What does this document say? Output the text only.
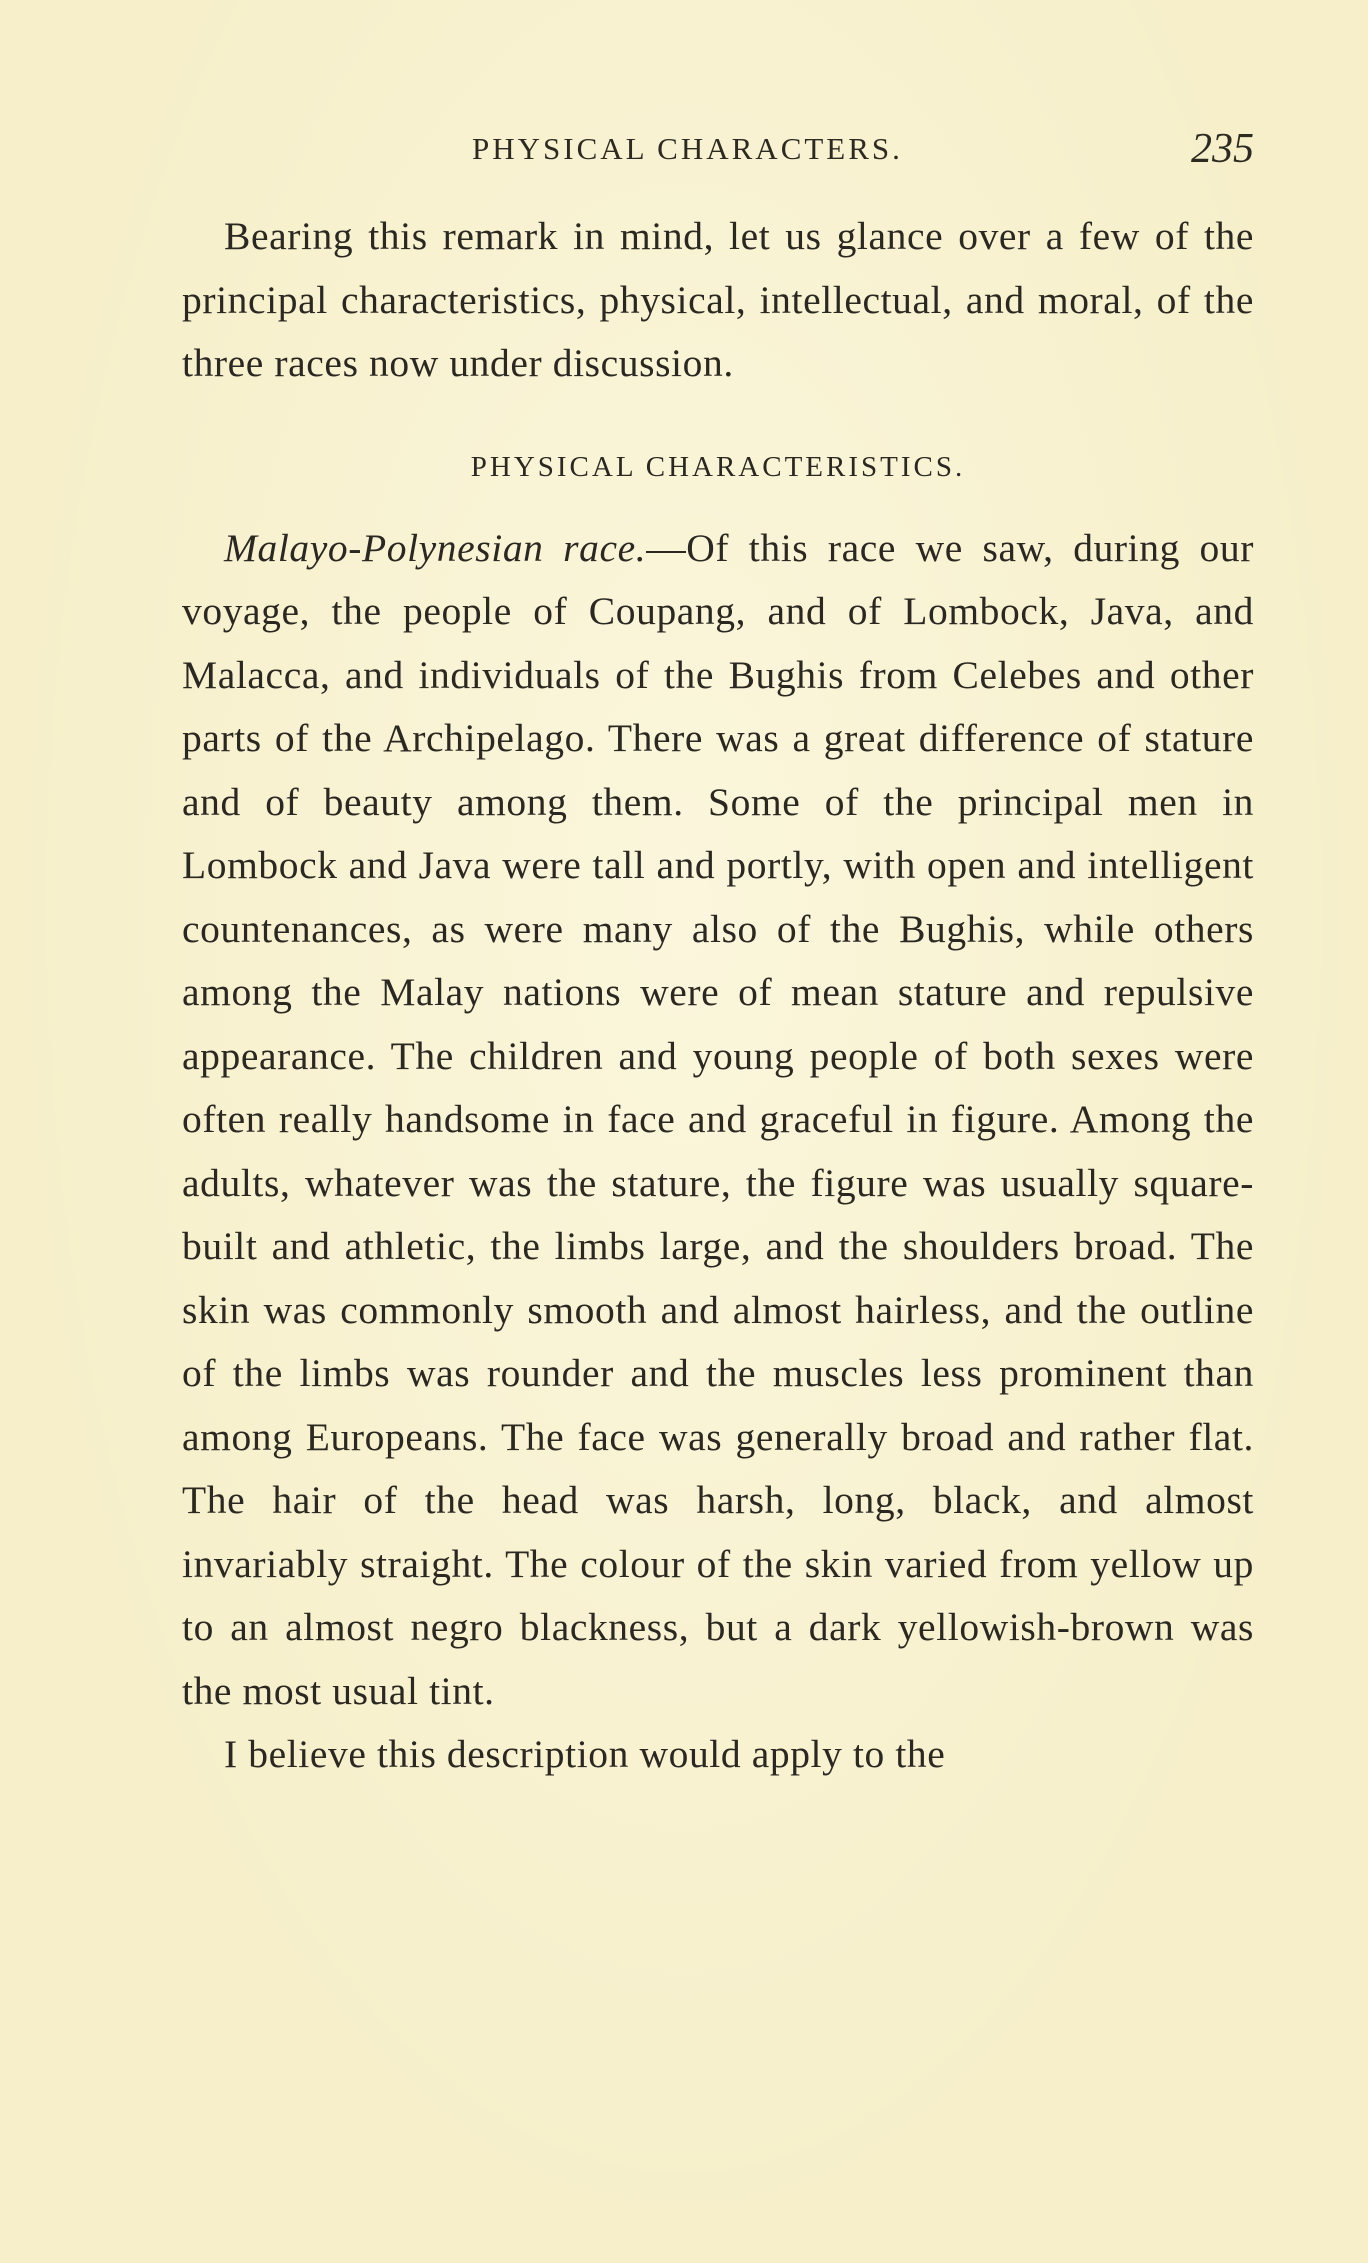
PHYSICAL CHARACTERS.	235

Bearing this remark in mind, let us glance over a few of the principal characteristics, physical, intellectual, and moral, of the three races now under discussion.

PHYSICAL CHARACTERISTICS.

Malayo-Polynesian race.—Of this race we saw, during our voyage, the people of Coupang, and of Lombock, Java, and Malacca, and individuals of the Bughis from Celebes and other parts of the Archipelago. There was a great difference of stature and of beauty among them. Some of the principal men in Lombock and Java were tall and portly, with open and intelligent countenances, as were many also of the Bughis, while others among the Malay nations were of mean stature and repulsive appearance. The children and young people of both sexes were often really handsome in face and graceful in figure. Among the adults, whatever was the stature, the figure was usually square-built and athletic, the limbs large, and the shoulders broad. The skin was commonly smooth and almost hairless, and the outline of the limbs was rounder and the muscles less prominent than among Europeans. The face was generally broad and rather flat. The hair of the head was harsh, long, black, and almost invariably straight. The colour of the skin varied from yellow up to an almost negro blackness, but a dark yellowish-brown was the most usual tint.

I believe this description would apply to the
